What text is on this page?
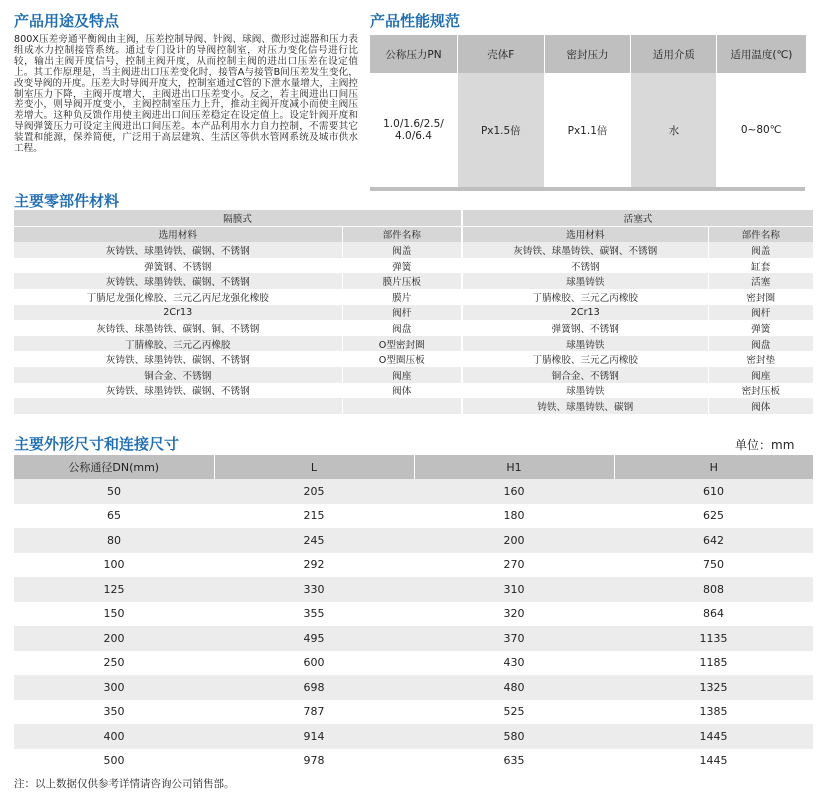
产品用途及特点
800X压差旁通平衡阀由主阀，压差控制导阀、针阀、球阀、微形过滤器和压力表组成水力控制接管系统。通过专门设计的导阀控制室，对压力变化信号进行比较，输出主阀开度信号，控制主阀开度，从而控制主阀的进出口压差在设定值上。其工作原理是，当主阀进出口压差变化时，接管A与接管B间压差发生变化，改变导阀的开度。压差大时导阀开度大，控制室通过C管的下泄水量增大，主阀控制室压力下降，主阀开度增大，主阀进出口压差变小。反之，若主阀进出口间压差变小，则导阀开度变小，主阀控制室压力上升，推动主阀开度减小而使主阀压差增大。这种负反馈作用使主阀进出口间压差稳定在设定值上。设定针阀开度和导阀弹簧压力可设定主阀进出口间压差。本产品利用水力自力控制，不需要其它装置和能源，保养简便，广泛用于高层建筑、生活区等供水管网系统及城市供水工程。
产品性能规范
公称压力PN	壳体F	密封压力	适用介质	适用温度(℃)
1.0/1.6/2.5/
4.0/6.4	Px1.5倍	Px1.1倍	水	0~80℃

主要零部件材料
隔膜式		活塞式	
选用材料	部件名称	选用材料	部件名称
灰铸铁、球墨铸铁、碳钢、不锈钢	阀盖	灰铸铁、球墨铸铁、碳钢、不锈钢	阀盖
弹簧钢、不锈钢	弹簧	不锈钢	缸套
灰铸铁、球墨铸铁、碳钢、不锈钢	膜片压板	球墨铸铁	活塞
丁腈尼龙强化橡胶、三元乙丙尼龙强化橡胶	膜片	丁腈橡胶、三元乙丙橡胶	密封圈
2Cr13	阀杆	2Cr13	阀杆
灰铸铁、球墨铸铁、碳钢、铜、不锈钢	阀盘	弹簧钢、不锈钢	弹簧
丁腈橡胶、三元乙丙橡胶	O型密封圈	球墨铸铁	阀盘
灰铸铁、球墨铸铁、碳钢、不锈钢	O型圈压板	丁腈橡胶、三元乙丙橡胶	密封垫
铜合金、不锈钢	阀座	铜合金、不锈钢	阀座
灰铸铁、球墨铸铁、碳钢、不锈钢	阀体	球墨铸铁	密封压板
		铸铁、球墨铸铁、碳钢	阀体
主要外形尺寸和连接尺寸	单位：mm
公称通径DN(mm)	L	H1	H
50	205	160	610
65	215	180	625
80	245	200	642
100	292	270	750
125	330	310	808
150	355	320	864
200	495	370	1135
250	600	430	1185
300	698	480	1325
350	787	525	1385
400	914	580	1445
500	978	635	1445
注：以上数据仅供参考详情请咨询公司销售部。
